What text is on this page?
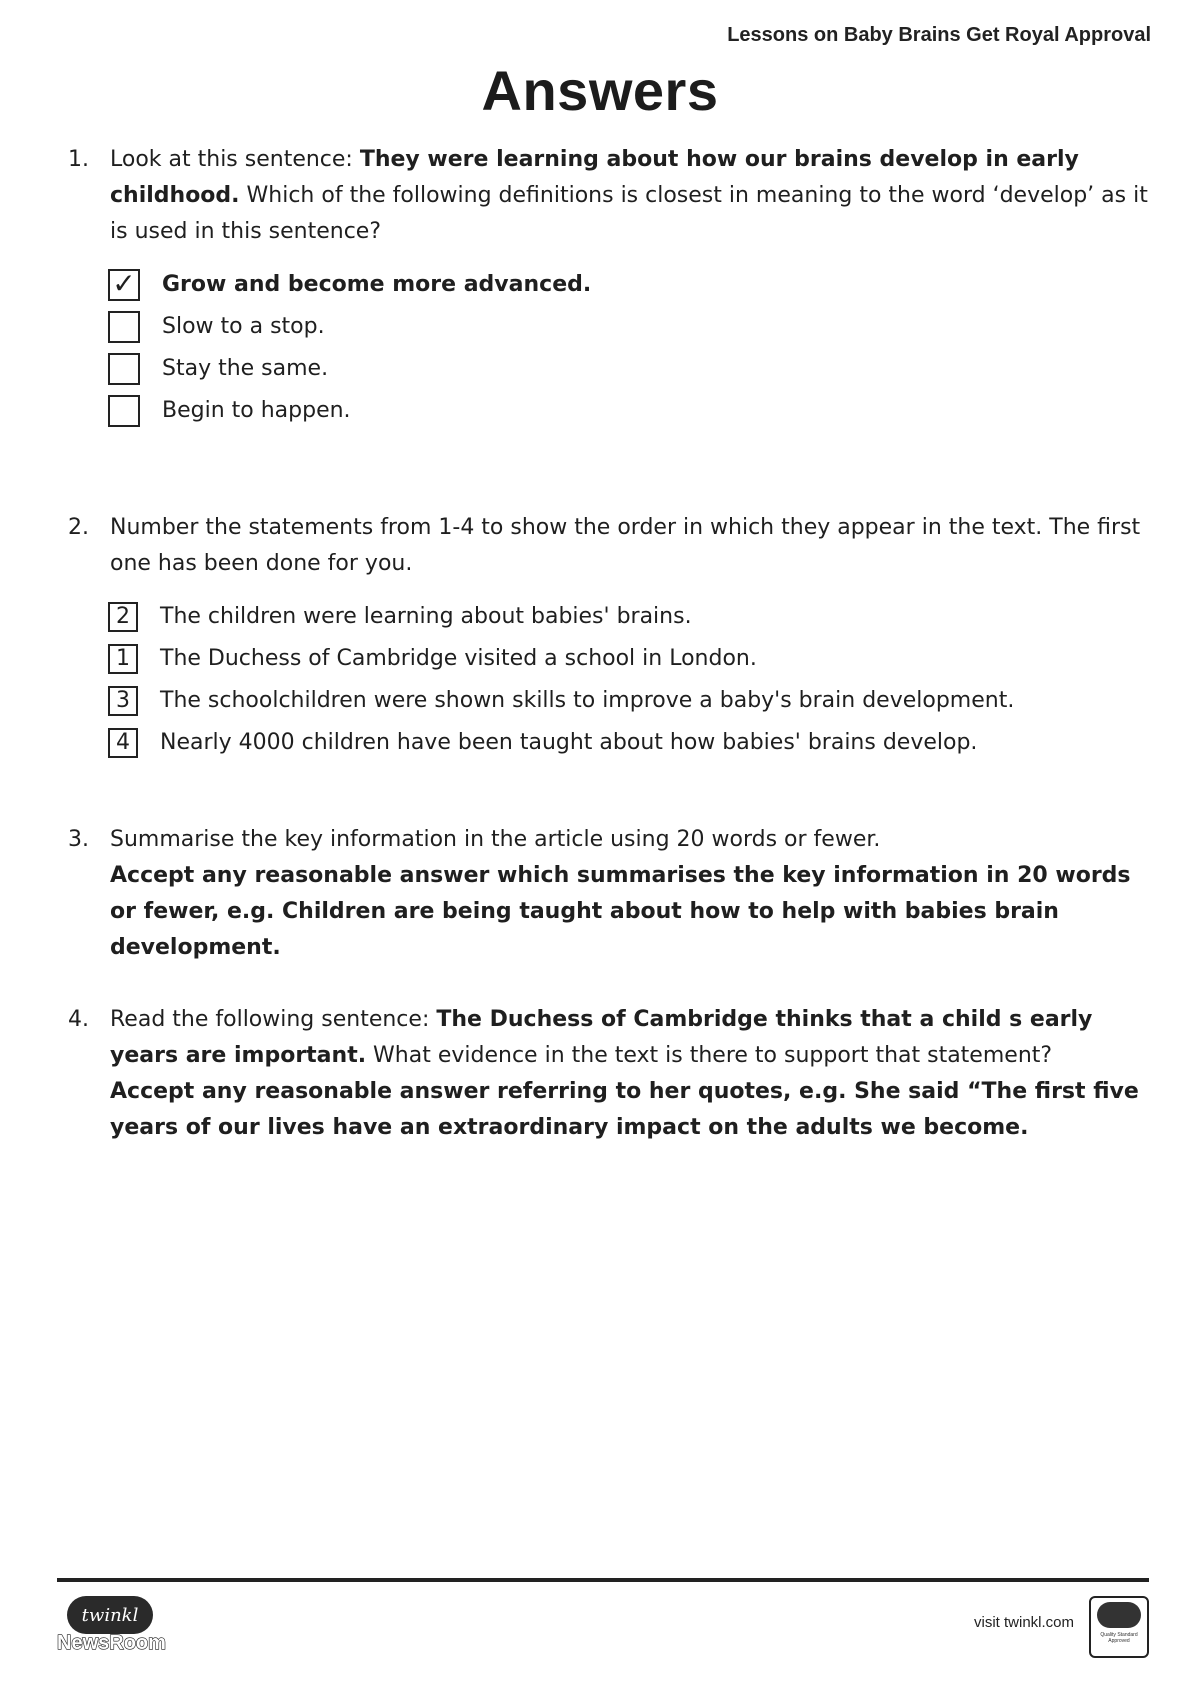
Lessons on Baby Brains Get Royal Approval
Answers
1. Look at this sentence: They were learning about how our brains develop in early childhood. Which of the following definitions is closest in meaning to the word ‘develop’ as it is used in this sentence?
✓ Grow and become more advanced.
Slow to a stop.
Stay the same.
Begin to happen.
2. Number the statements from 1-4 to show the order in which they appear in the text. The first one has been done for you.
2	The children were learning about babies' brains.
1	The Duchess of Cambridge visited a school in London.
3	The schoolchildren were shown skills to improve a baby's brain development.
4	Nearly 4000 children have been taught about how babies' brains develop.
3. Summarise the key information in the article using 20 words or fewer.
Accept any reasonable answer which summarises the key information in 20 words or fewer, e.g. Children are being taught about how to help with babies brain development.
4. Read the following sentence: The Duchess of Cambridge thinks that a child s early years are important. What evidence in the text is there to support that statement?
Accept any reasonable answer referring to her quotes, e.g. She said “The first five years of our lives have an extraordinary impact on the adults we become.
twinkl
NewsRoom
visit twinkl.com
Quality Standard Approved
